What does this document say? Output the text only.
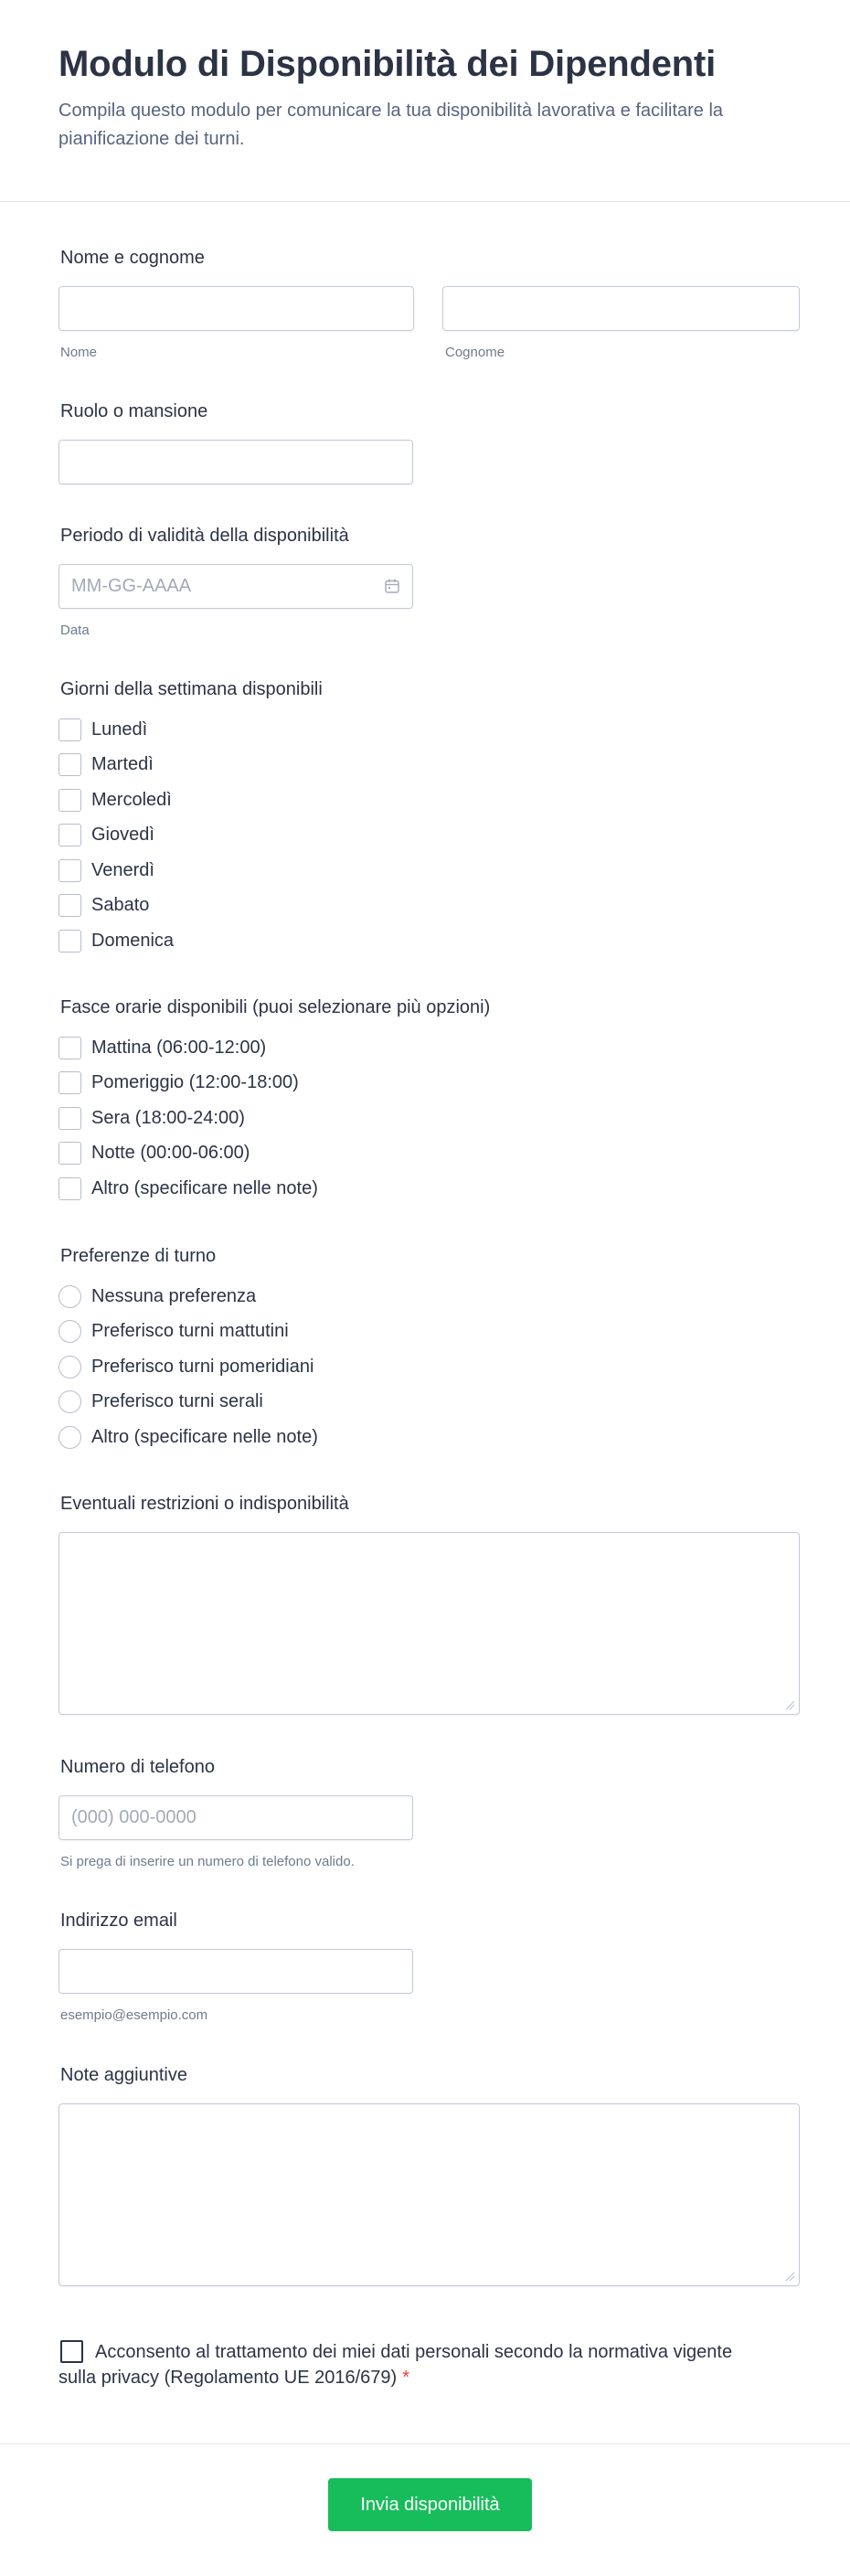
Modulo di Disponibilità dei Dipendenti

Compila questo modulo per comunicare la tua disponibilità lavorativa e facilitare la pianificazione dei turni.

Nome e cognome
Nome	Cognome
Ruolo o mansione
Periodo di validità della disponibilità
MM-GG-AAAA
Data
Giorni della settimana disponibili
Lunedì
Martedì
Mercoledì
Giovedì
Venerdì
Sabato
Domenica
Fasce orarie disponibili (puoi selezionare più opzioni)
Mattina (06:00-12:00)
Pomeriggio (12:00-18:00)
Sera (18:00-24:00)
Notte (00:00-06:00)
Altro (specificare nelle note)
Preferenze di turno
Nessuna preferenza
Preferisco turni mattutini
Preferisco turni pomeridiani
Preferisco turni serali
Altro (specificare nelle note)
Eventuali restrizioni o indisponibilità
Numero di telefono
(000) 000-0000
Si prega di inserire un numero di telefono valido.
Indirizzo email
esempio@esempio.com
Note aggiuntive
Acconsento al trattamento dei miei dati personali secondo la normativa vigente sulla privacy (Regolamento UE 2016/679) *
Invia disponibilità
